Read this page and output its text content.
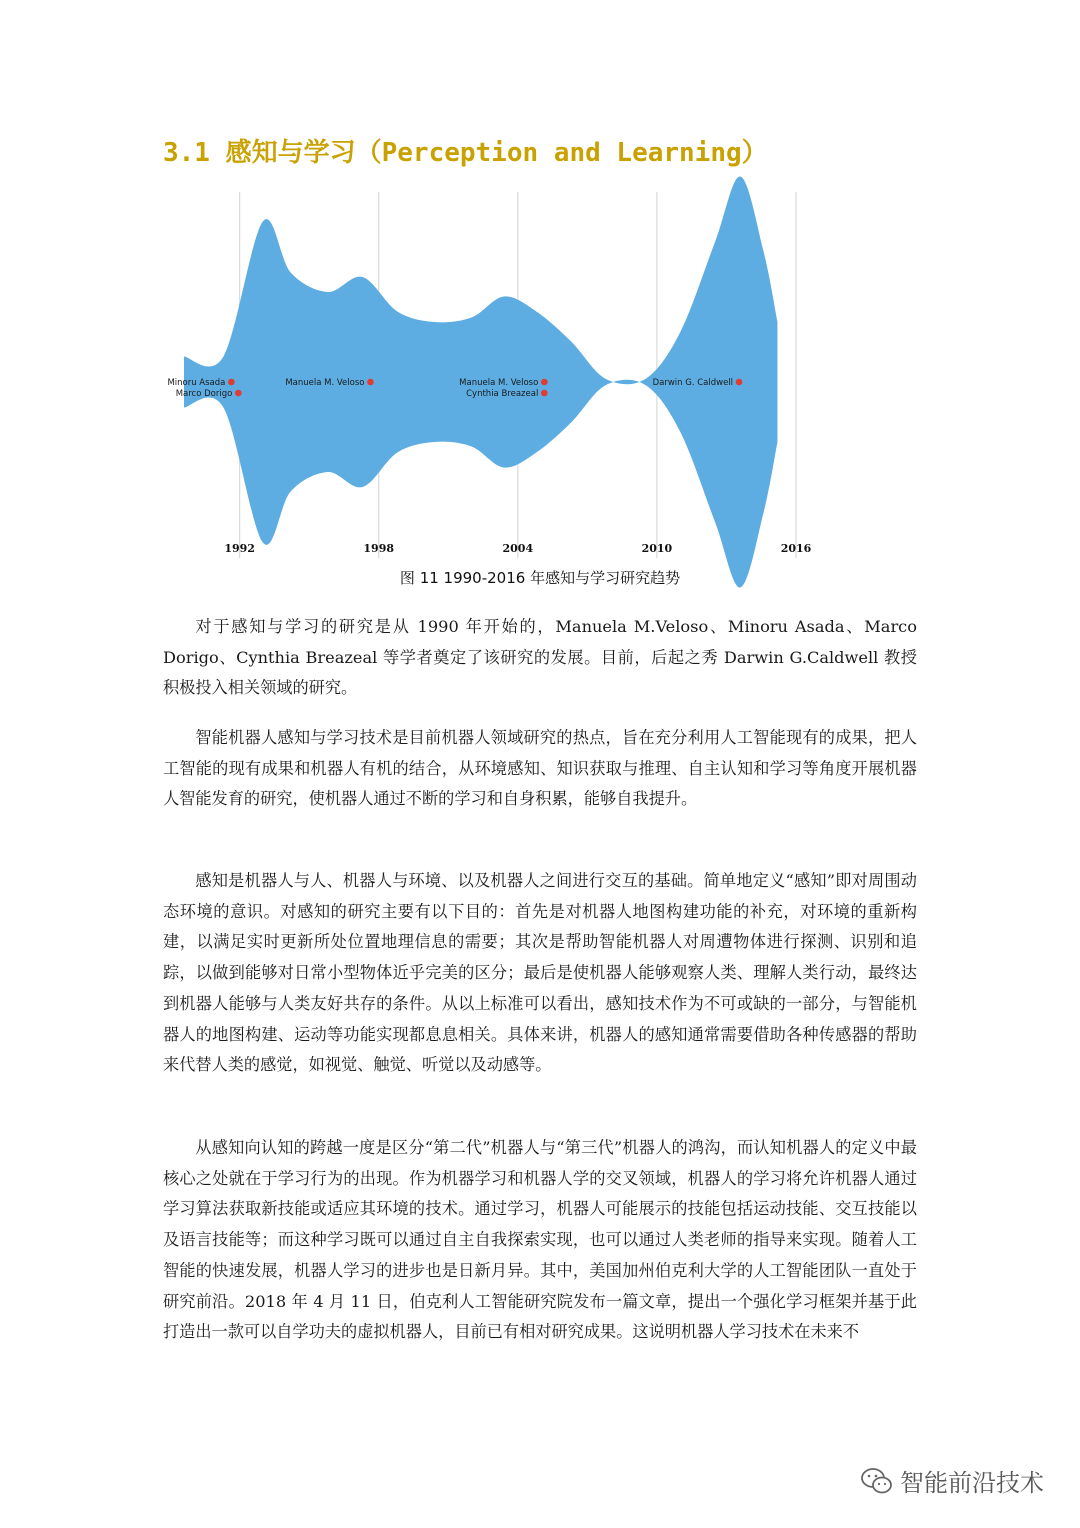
3.1 感知与学习（Perception and Learning）
Minoru Asada
Marco Dorigo
Manuela M. Veloso	Manuela M. Veloso
Cynthia Breazeal
Darwin G. Caldwell
1992	1998	2004	2010	2016
图 11 1990-2016 年感知与学习研究趋势

对于感知与学习的研究是从 1990 年开始的，Manuela M.Veloso、Minoru Asada、Marco Dorigo、Cynthia Breazeal 等学者奠定了该研究的发展。目前，后起之秀 Darwin G.Caldwell 教授积极投入相关领域的研究。

智能机器人感知与学习技术是目前机器人领域研究的热点，旨在充分利用人工智能现有的成果，把人工智能的现有成果和机器人有机的结合，从环境感知、知识获取与推理、自主认知和学习等角度开展机器人智能发育的研究，使机器人通过不断的学习和自身积累，能够自我提升。

感知是机器人与人、机器人与环境、以及机器人之间进行交互的基础。简单地定义“感知”即对周围动态环境的意识。对感知的研究主要有以下目的：首先是对机器人地图构建功能的补充，对环境的重新构建，以满足实时更新所处位置地理信息的需要；其次是帮助智能机器人对周遭物体进行探测、识别和追踪，以做到能够对日常小型物体近乎完美的区分；最后是使机器人能够观察人类、理解人类行动，最终达到机器人能够与人类友好共存的条件。从以上标准可以看出，感知技术作为不可或缺的一部分，与智能机器人的地图构建、运动等功能实现都息息相关。具体来讲，机器人的感知通常需要借助各种传感器的帮助来代替人类的感觉，如视觉、触觉、听觉以及动感等。

从感知向认知的跨越一度是区分“第二代”机器人与“第三代”机器人的鸿沟，而认知机器人的定义中最核心之处就在于学习行为的出现。作为机器学习和机器人学的交叉领域，机器人的学习将允许机器人通过学习算法获取新技能或适应其环境的技术。通过学习，机器人可能展示的技能包括运动技能、交互技能以及语言技能等；而这种学习既可以通过自主自我探索实现，也可以通过人类老师的指导来实现。随着人工智能的快速发展，机器人学习的进步也是日新月异。其中，美国加州伯克利大学的人工智能团队一直处于研究前沿。2018 年 4 月 11 日，伯克利人工智能研究院发布一篇文章，提出一个强化学习框架并基于此打造出一款可以自学功夫的虚拟机器人，目前已有相对研究成果。这说明机器人学习技术在未来不

智能前沿技术
